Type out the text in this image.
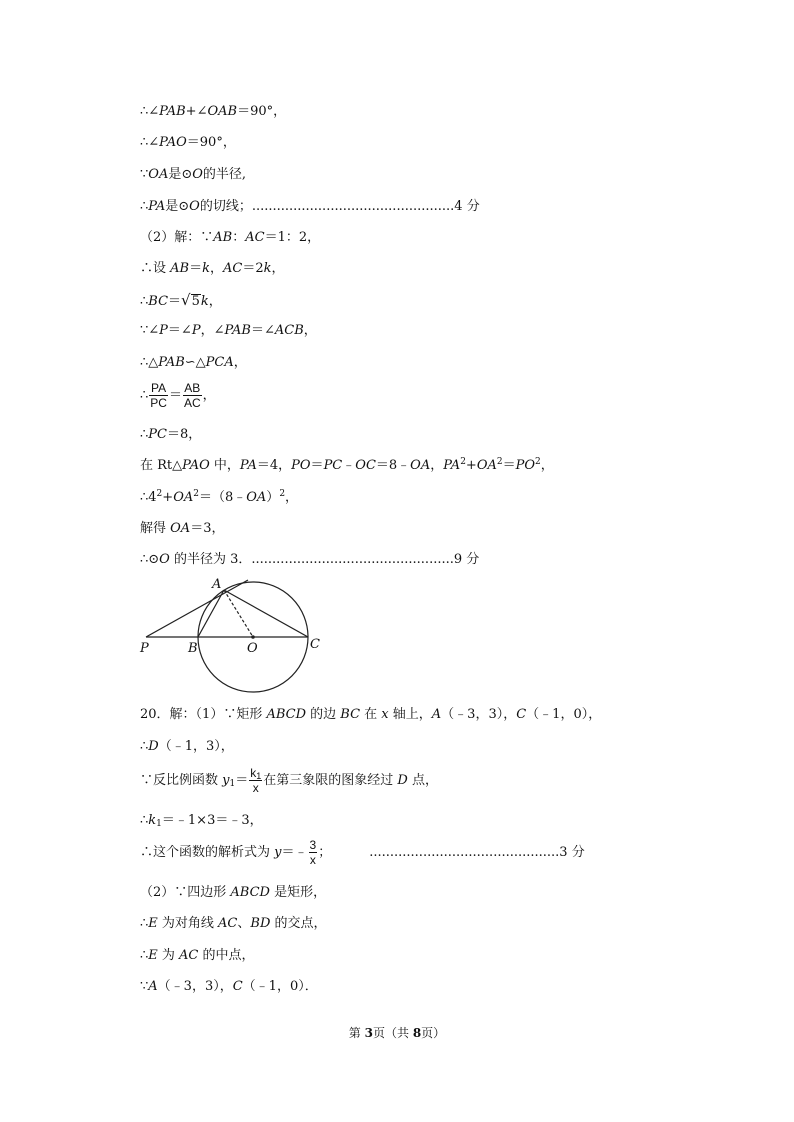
∴∠PAB+∠OAB＝90°，
∴∠PAO＝90°，
∵OA是⊙O的半径,
∴PA是⊙O的切线；.................................................4 分
（2）解：∵AB：AC＝1：2，
∴设 AB＝k，AC＝2k，
∴BC＝√5k，
∵∠P＝∠P，∠PAB＝∠ACB，
∴△PAB∽△PCA，
∴ $\frac{PA}{PC} = \frac{AB}{AC}$ ，
∴PC＝8，
在 Rt△PAO 中，PA＝4，PO＝PC﹣OC＝8﹣OA，$PA^2+OA^2=PO^2$，
$\therefore 4^2+OA^2=(8﹣OA)^2$，
解得 OA＝3，
∴⊙O 的半径为 3．.................................................9 分
A
P	B	O	C
20．解：（1）∵矩形 ABCD 的边 BC 在 x 轴上，A（﹣3，3），C（﹣1，0），
∴D（﹣1，3），
∵反比例函数 $y_1= \frac{k_1}{x}$ 在第三象限的图象经过 D 点，
$\therefore k_1=﹣1\times 3=﹣3$，
∴这个函数的解析式为 y＝﹣ $\frac{3}{x}$ ；	..............................................3 分
（2）∵四边形 ABCD 是矩形，
∴E 为对角线 AC、BD 的交点，
∴E 为 AC 的中点，
∵A（﹣3，3），C（﹣1，0）．
第 3页（共 8页）
